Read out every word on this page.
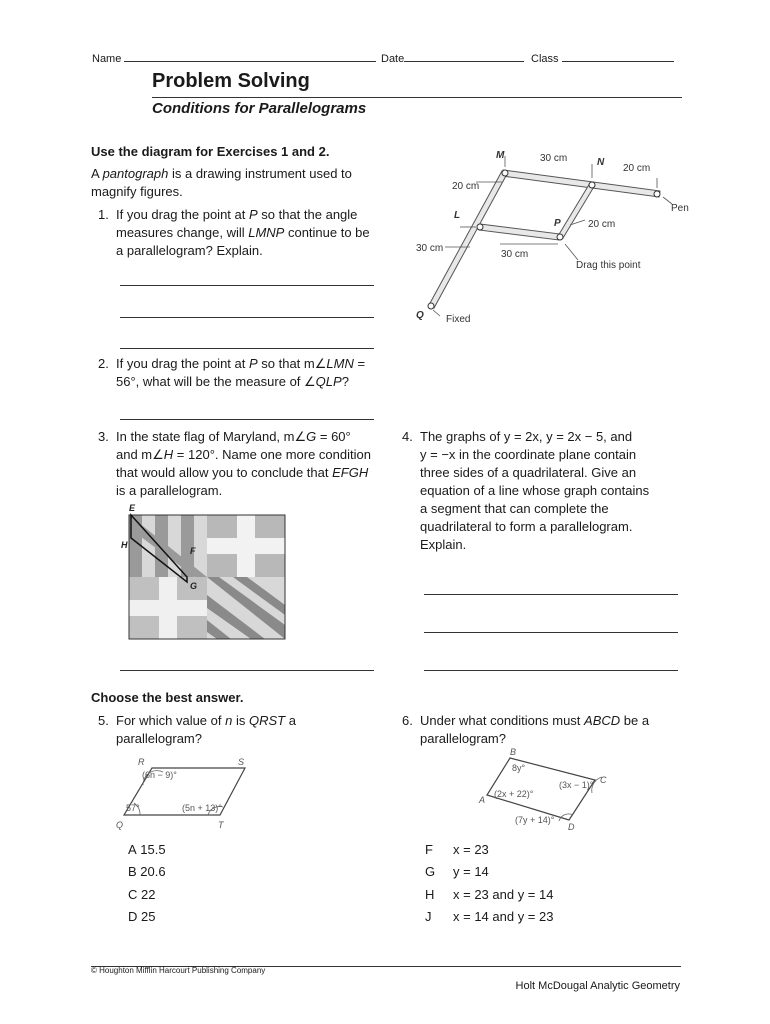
Name	Date	Class
Problem Solving
Conditions for Parallelograms
Use the diagram for Exercises 1 and 2.
A pantograph is a drawing instrument used to
magnify figures.
1. If you drag the point at P so that the angle
measures change, will LMNP continue to be
a parallelogram? Explain.
M
N
L
P
Q
30 cm
20 cm
20 cm
20 cm
30 cm
30 cm
Pen
Drag this point
Fixed
2. If you drag the point at P so that m∠LMN =
56°, what will be the measure of ∠QLP?
3. In the state flag of Maryland, m∠G = 60°
and m∠H = 120°. Name one more condition
that would allow you to conclude that EFGH
is a parallelogram.
E
H
F
G
4. The graphs of y = 2x, y = 2x − 5, and
y = −x in the coordinate plane contain
three sides of a quadrilateral. Give an
equation of a line whose graph contains
a segment that can complete the
quadrilateral to form a parallelogram.
Explain.
Choose the best answer.
5. For which value of n is QRST a
parallelogram?
R	S
Q	T
(6n − 9)°
57°	(5n + 13)°
A 15.5
B 20.6
C 22
D 25
6. Under what conditions must ABCD be a
parallelogram?
B
C
A
D
8y°
(3x − 1)°
(2x + 22)°
(7y + 14)°
F x = 23
G y = 14
H x = 23 and y = 14
J x = 14 and y = 23
© Houghton Mifflin Harcourt Publishing Company
Holt McDougal Analytic Geometry
